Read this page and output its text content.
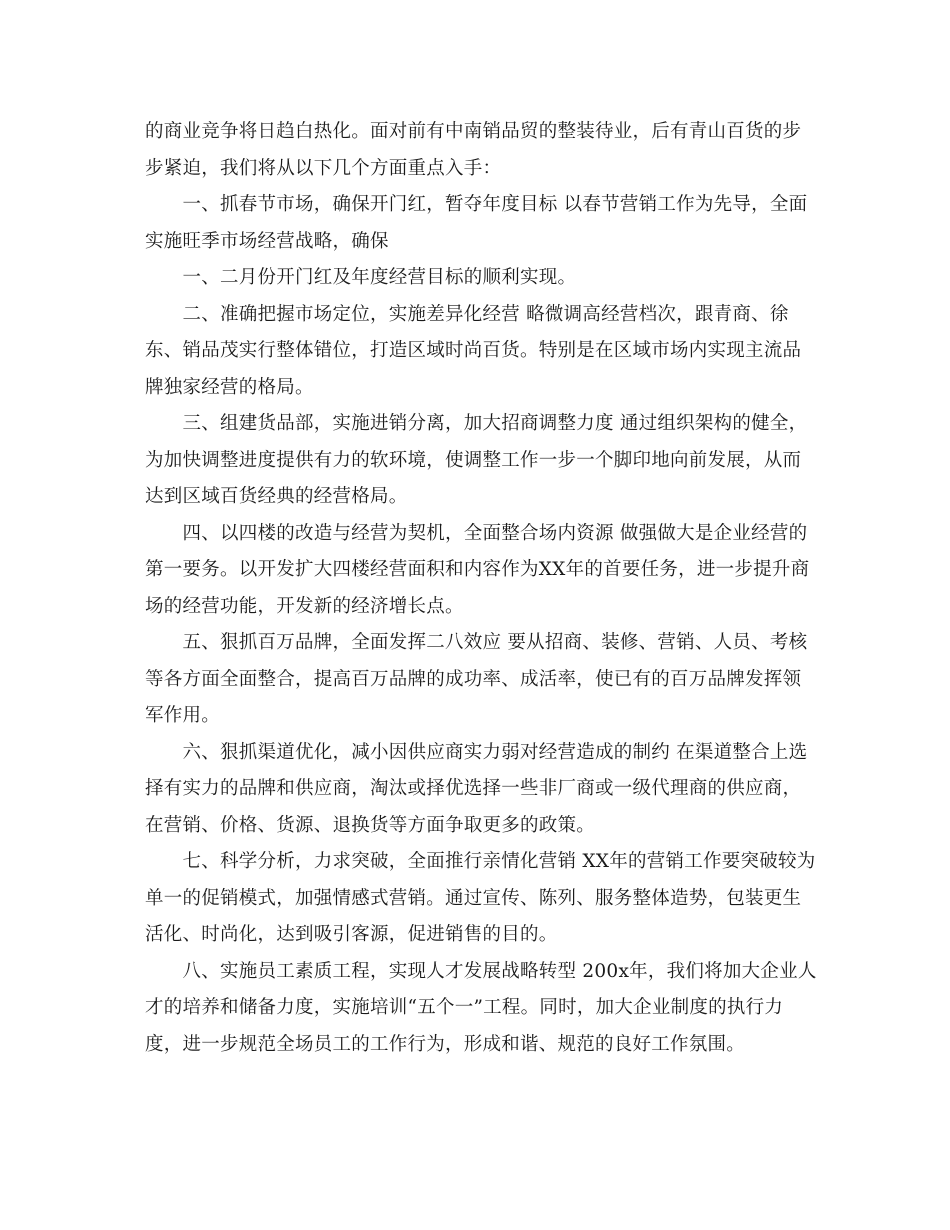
的商业竞争将日趋白热化。面对前有中南销品贸的整装待业，后有青山百货的步
步紧迫，我们将从以下几个方面重点入手：
　　一、抓春节市场，确保开门红，暂夺年度目标 以春节营销工作为先导，全面
实施旺季市场经营战略，确保
　　一、二月份开门红及年度经营目标的顺利实现。
　　二、准确把握市场定位，实施差异化经营 略微调高经营档次，跟青商、徐
东、销品茂实行整体错位，打造区域时尚百货。特别是在区域市场内实现主流品
牌独家经营的格局。
　　三、组建货品部，实施进销分离，加大招商调整力度 通过组织架构的健全，
为加快调整进度提供有力的软环境，使调整工作一步一个脚印地向前发展，从而
达到区域百货经典的经营格局。
　　四、以四楼的改造与经营为契机，全面整合场内资源 做强做大是企业经营的
第一要务。以开发扩大四楼经营面积和内容作为XX年的首要任务，进一步提升商
场的经营功能，开发新的经济增长点。
　　五、狠抓百万品牌，全面发挥二八效应 要从招商、装修、营销、人员、考核
等各方面全面整合，提高百万品牌的成功率、成活率，使已有的百万品牌发挥领
军作用。
　　六、狠抓渠道优化，减小因供应商实力弱对经营造成的制约 在渠道整合上选
择有实力的品牌和供应商，淘汰或择优选择一些非厂商或一级代理商的供应商，
在营销、价格、货源、退换货等方面争取更多的政策。
　　七、科学分析，力求突破，全面推行亲情化营销 XX年的营销工作要突破较为
单一的促销模式，加强情感式营销。通过宣传、陈列、服务整体造势，包装更生
活化、时尚化，达到吸引客源，促进销售的目的。
　　八、实施员工素质工程，实现人才发展战略转型 200x年，我们将加大企业人
才的培养和储备力度，实施培训“五个一”工程。同时，加大企业制度的执行力
度，进一步规范全场员工的工作行为，形成和谐、规范的良好工作氛围。
